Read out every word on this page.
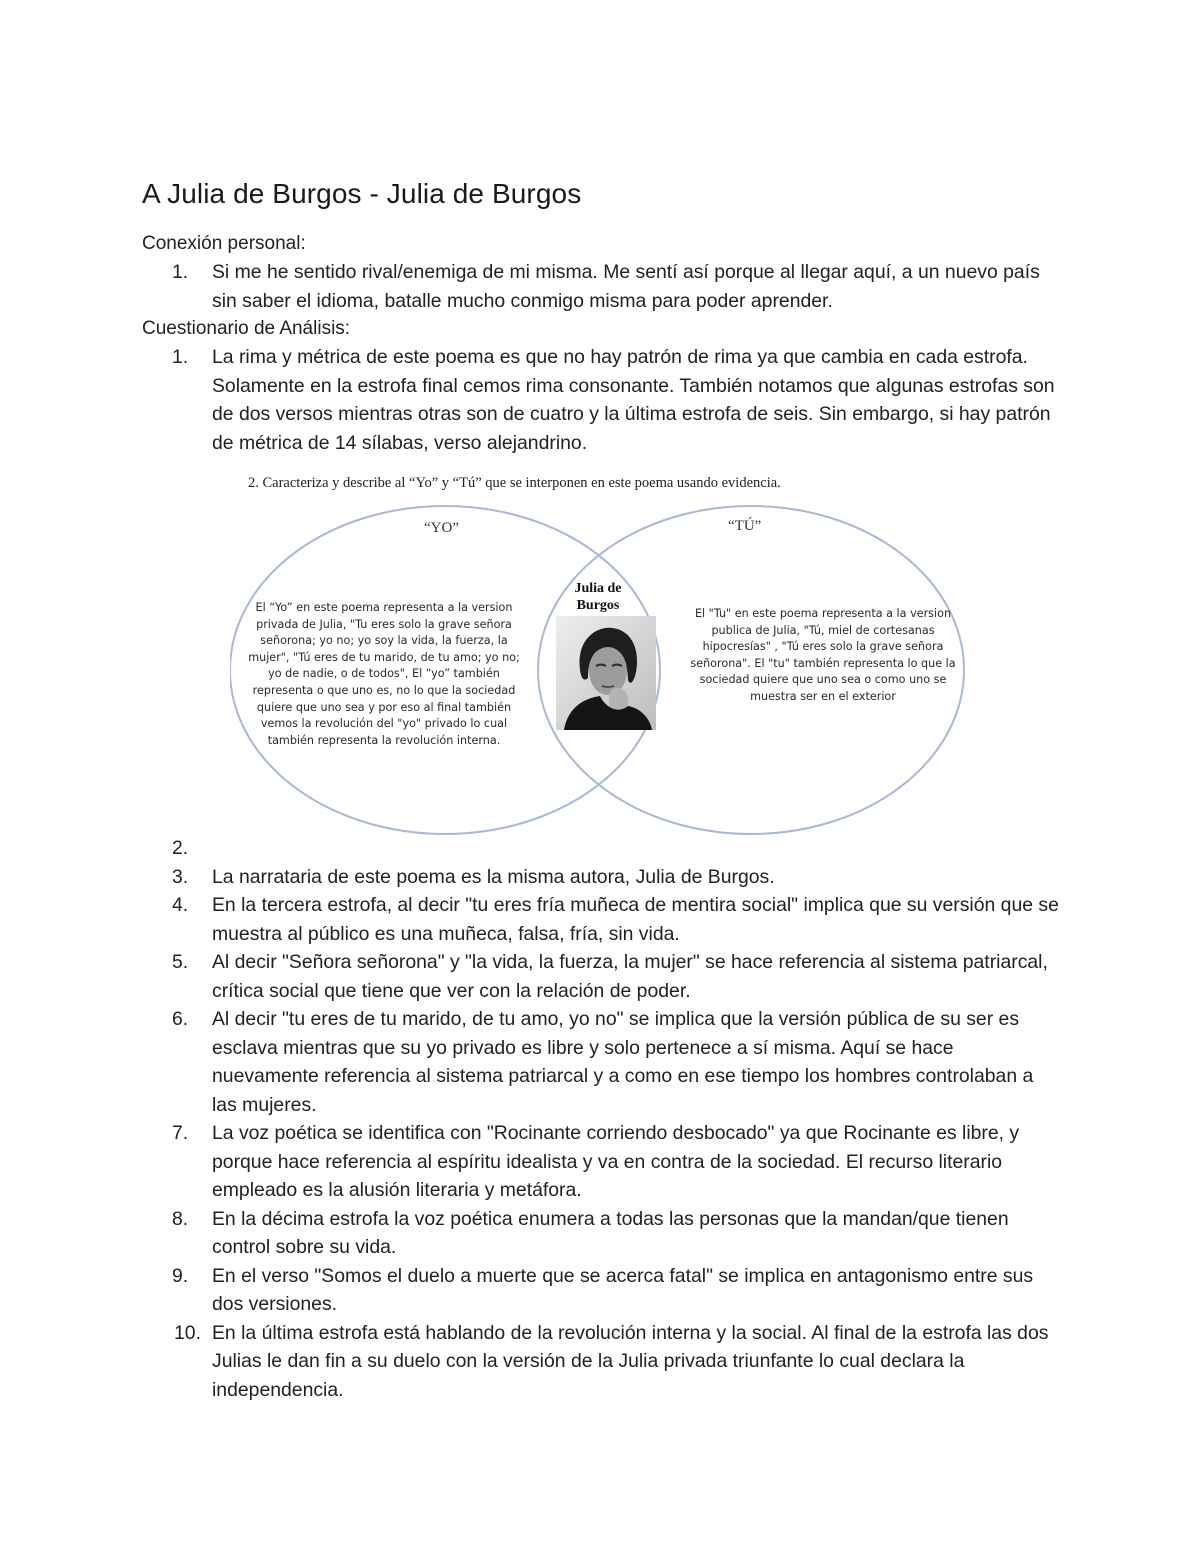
A Julia de Burgos - Julia de Burgos
Conexión personal:
1. Si me he sentido rival/enemiga de mi misma. Me sentí así porque al llegar aquí, a un nuevo país sin saber el idioma, batalle mucho conmigo misma para poder aprender.
Cuestionario de Análisis:
1. La rima y métrica de este poema es que no hay patrón de rima ya que cambia en cada estrofa. Solamente en la estrofa final cemos rima consonante. También notamos que algunas estrofas son de dos versos mientras otras son de cuatro y la última estrofa de seis. Sin embargo, si hay patrón de métrica de 14 sílabas, verso alejandrino.
2. Caracteriza y describe al “Yo” y “Tú” que se interponen en este poema usando evidencia.
“YO”	“TÚ”
Julia de Burgos
El “Yo” en este poema representa a la version privada de Julia, "Tu eres solo la grave señora señorona; yo no; yo soy la vida, la fuerza, la mujer", "Tú eres de tu marido, de tu amo; yo no; yo de nadie, o de todos", El “yo” también representa o que uno es, no lo que la sociedad quiere que uno sea y por eso al final también vemos la revolución del "yo" privado lo cual también representa la revolución interna.
El "Tu" en este poema representa a la version publica de Julia, "Tú, miel de cortesanas hipocresías" , "Tú eres solo la grave señora señorona". El "tu" también representa lo que la sociedad quiere que uno sea o como uno se muestra ser en el exterior
2.

3. La narrataria de este poema es la misma autora, Julia de Burgos.
4. En la tercera estrofa, al decir "tu eres fría muñeca de mentira social" implica que su versión que se muestra al público es una muñeca, falsa, fría, sin vida.
5. Al decir "Señora señorona" y "la vida, la fuerza, la mujer" se hace referencia al sistema patriarcal, crítica social que tiene que ver con la relación de poder.
6. Al decir "tu eres de tu marido, de tu amo, yo no" se implica que la versión pública de su ser es esclava mientras que su yo privado es libre y solo pertenece a sí misma. Aquí se hace nuevamente referencia al sistema patriarcal y a como en ese tiempo los hombres controlaban a las mujeres.
7. La voz poética se identifica con "Rocinante corriendo desbocado" ya que Rocinante es libre, y porque hace referencia al espíritu idealista y va en contra de la sociedad. El recurso literario empleado es la alusión literaria y metáfora.
8. En la décima estrofa la voz poética enumera a todas las personas que la mandan/que tienen control sobre su vida.
9. En el verso "Somos el duelo a muerte que se acerca fatal" se implica en antagonismo entre sus dos versiones.
10. En la última estrofa está hablando de la revolución interna y la social. Al final de la estrofa las dos Julias le dan fin a su duelo con la versión de la Julia privada triunfante lo cual declara la independencia.
